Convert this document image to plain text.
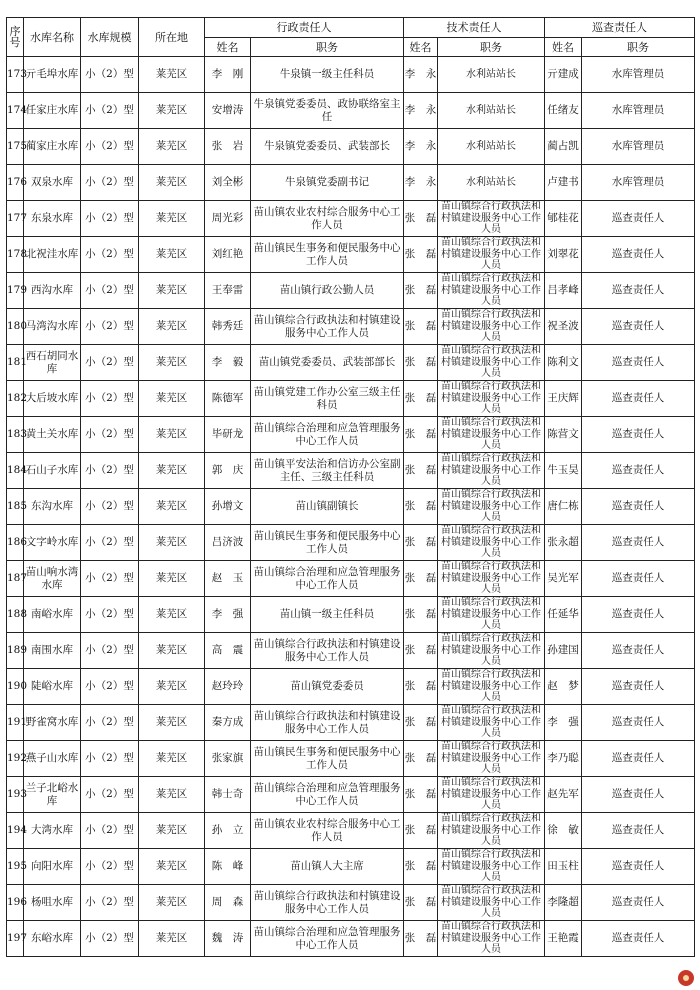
序号	水库名称	水库规模	所在地	行政责任人		技术责任人		巡查责任人	
				姓名	职务	姓名	职务	姓名	职务
173	亓毛埠水库	小（2）型	莱芜区	李　刚	牛泉镇一级主任科员	李　永	水利站站长	亓建成	水库管理员
174	任家庄水库	小（2）型	莱芜区	安增涛	牛泉镇党委委员、政协联络室主任	李　永	水利站站长	任绪友	水库管理员
175	蔺家庄水库	小（2）型	莱芜区	张　岩	牛泉镇党委委员、武装部长	李　永	水利站站长	蔺占凯	水库管理员
176	双泉水库	小（2）型	莱芜区	刘全彬	牛泉镇党委副书记	李　永	水利站站长	卢建书	水库管理员
177	东泉水库	小（2）型	莱芜区	周光彩	苗山镇农业农村综合服务中心工作人员	张　磊	苗山镇综合行政执法和村镇建设服务中心工作人员	郇桂花	巡查责任人
178	北祝洼水库	小（2）型	莱芜区	刘红艳	苗山镇民生事务和便民服务中心工作人员	张　磊	苗山镇综合行政执法和村镇建设服务中心工作人员	刘翠花	巡查责任人
179	西沟水库	小（2）型	莱芜区	王奉雷	苗山镇行政公勤人员	张　磊	苗山镇综合行政执法和村镇建设服务中心工作人员	吕孝峰	巡查责任人
180	马湾沟水库	小（2）型	莱芜区	韩秀廷	苗山镇综合行政执法和村镇建设服务中心工作人员	张　磊	苗山镇综合行政执法和村镇建设服务中心工作人员	祝圣波	巡查责任人
181	西石胡同水库	小（2）型	莱芜区	李　毅	苗山镇党委委员、武装部部长	张　磊	苗山镇综合行政执法和村镇建设服务中心工作人员	陈利文	巡查责任人
182	大后坡水库	小（2）型	莱芜区	陈德军	苗山镇党建工作办公室三级主任科员	张　磊	苗山镇综合行政执法和村镇建设服务中心工作人员	王庆辉	巡查责任人
183	黄土关水库	小（2）型	莱芜区	毕研龙	苗山镇综合治理和应急管理服务中心工作人员	张　磊	苗山镇综合行政执法和村镇建设服务中心工作人员	陈营文	巡查责任人
184	石山子水库	小（2）型	莱芜区	郭　庆	苗山镇平安法治和信访办公室副主任、三级主任科员	张　磊	苗山镇综合行政执法和村镇建设服务中心工作人员	牛玉昊	巡查责任人
185	东沟水库	小（2）型	莱芜区	孙增文	苗山镇副镇长	张　磊	苗山镇综合行政执法和村镇建设服务中心工作人员	唐仁栋	巡查责任人
186	文字岭水库	小（2）型	莱芜区	吕济波	苗山镇民生事务和便民服务中心工作人员	张　磊	苗山镇综合行政执法和村镇建设服务中心工作人员	张永超	巡查责任人
187	苗山响水湾水库	小（2）型	莱芜区	赵　玉	苗山镇综合治理和应急管理服务中心工作人员	张　磊	苗山镇综合行政执法和村镇建设服务中心工作人员	吴光军	巡查责任人
188	南峪水库	小（2）型	莱芜区	李　强	苗山镇一级主任科员	张　磊	苗山镇综合行政执法和村镇建设服务中心工作人员	任延华	巡查责任人
189	南围水库	小（2）型	莱芜区	高　震	苗山镇综合行政执法和村镇建设服务中心工作人员	张　磊	苗山镇综合行政执法和村镇建设服务中心工作人员	孙建国	巡查责任人
190	陡峪水库	小（2）型	莱芜区	赵玲玲	苗山镇党委委员	张　磊	苗山镇综合行政执法和村镇建设服务中心工作人员	赵　梦	巡查责任人
191	野雀窝水库	小（2）型	莱芜区	秦方成	苗山镇综合行政执法和村镇建设服务中心工作人员	张　磊	苗山镇综合行政执法和村镇建设服务中心工作人员	李　强	巡查责任人
192	燕子山水库	小（2）型	莱芜区	张家旗	苗山镇民生事务和便民服务中心工作人员	张　磊	苗山镇综合行政执法和村镇建设服务中心工作人员	李乃聪	巡查责任人
193	兰子北峪水库	小（2）型	莱芜区	韩士奇	苗山镇综合治理和应急管理服务中心工作人员	张　磊	苗山镇综合行政执法和村镇建设服务中心工作人员	赵先军	巡查责任人
194	大湾水库	小（2）型	莱芜区	孙　立	苗山镇农业农村综合服务中心工作人员	张　磊	苗山镇综合行政执法和村镇建设服务中心工作人员	徐　敏	巡查责任人
195	向阳水库	小（2）型	莱芜区	陈　峰	苗山镇人大主席	张　磊	苗山镇综合行政执法和村镇建设服务中心工作人员	田玉柱	巡查责任人
196	杨咀水库	小（2）型	莱芜区	周　森	苗山镇综合行政执法和村镇建设服务中心工作人员	张　磊	苗山镇综合行政执法和村镇建设服务中心工作人员	李隆超	巡查责任人
197	东峪水库	小（2）型	莱芜区	魏　涛	苗山镇综合治理和应急管理服务中心工作人员	张　磊	苗山镇综合行政执法和村镇建设服务中心工作人员	王艳霞	巡查责任人
